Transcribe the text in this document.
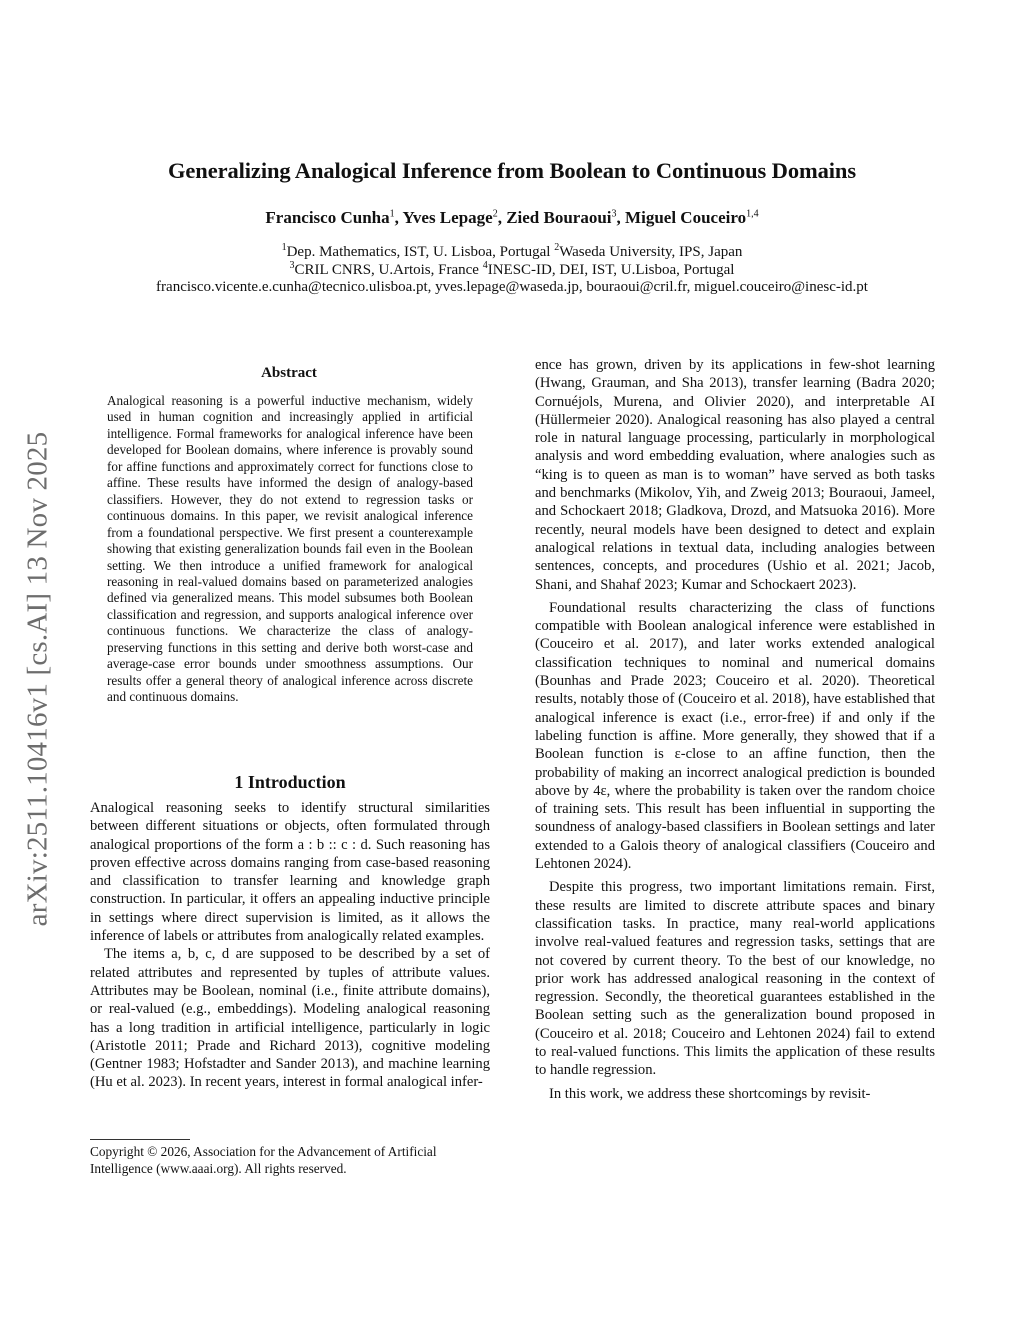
Generalizing Analogical Inference from Boolean to Continuous Domains
Francisco Cunha$^1$, Yves Lepage$^2$, Zied Bouraoui$^3$, Miguel Couceiro$^{1,4}$
$^1$Dep. Mathematics, IST, U. Lisboa, Portugal $^2$Waseda University, IPS, Japan
$^3$CRIL CNRS, U.Artois, France $^4$INESC-ID, DEI, IST, U.Lisboa, Portugal
francisco.vicente.e.cunha@tecnico.ulisboa.pt, yves.lepage@waseda.jp, bouraoui@cril.fr, miguel.couceiro@inesc-id.pt
arXiv:2511.10416v1 [cs.AI] 13 Nov 2025
Abstract
Analogical reasoning is a powerful inductive mechanism, widely used in human cognition and increasingly applied in artificial intelligence. Formal frameworks for analogical inference have been developed for Boolean domains, where inference is provably sound for affine functions and approximately correct for functions close to affine. These results have informed the design of analogy-based classifiers. However, they do not extend to regression tasks or continuous domains. In this paper, we revisit analogical inference from a foundational perspective. We first present a counterexample showing that existing generalization bounds fail even in the Boolean setting. We then introduce a unified framework for analogical reasoning in real-valued domains based on parameterized analogies defined via generalized means. This model subsumes both Boolean classification and regression, and supports analogical inference over continuous functions. We characterize the class of analogy-preserving functions in this setting and derive both worst-case and average-case error bounds under smoothness assumptions. Our results offer a general theory of analogical inference across discrete and continuous domains.
1 Introduction

Analogical reasoning seeks to identify structural similarities between different situations or objects, often formulated through analogical proportions of the form a : b :: c : d. Such reasoning has proven effective across domains ranging from case-based reasoning and classification to transfer learning and knowledge graph construction. In particular, it offers an appealing inductive principle in settings where direct supervision is limited, as it allows the inference of labels or attributes from analogically related examples.

The items a, b, c, d are supposed to be described by a set of related attributes and represented by tuples of attribute values. Attributes may be Boolean, nominal (i.e., finite attribute domains), or real-valued (e.g., embeddings). Modeling analogical reasoning has a long tradition in artificial intelligence, particularly in logic (Aristotle 2011; Prade and Richard 2013), cognitive modeling (Gentner 1983; Hofstadter and Sander 2013), and machine learning (Hu et al. 2023). In recent years, interest in formal analogical infer-

Copyright © 2026, Association for the Advancement of Artificial Intelligence (www.aaai.org). All rights reserved.

ence has grown, driven by its applications in few-shot learning (Hwang, Grauman, and Sha 2013), transfer learning (Badra 2020; Cornuéjols, Murena, and Olivier 2020), and interpretable AI (Hüllermeier 2020). Analogical reasoning has also played a central role in natural language processing, particularly in morphological analysis and word embedding evaluation, where analogies such as “king is to queen as man is to woman” have served as both tasks and benchmarks (Mikolov, Yih, and Zweig 2013; Bouraoui, Jameel, and Schockaert 2018; Gladkova, Drozd, and Matsuoka 2016). More recently, neural models have been designed to detect and explain analogical relations in textual data, including analogies between sentences, concepts, and procedures (Ushio et al. 2021; Jacob, Shani, and Shahaf 2023; Kumar and Schockaert 2023).

Foundational results characterizing the class of functions compatible with Boolean analogical inference were established in (Couceiro et al. 2017), and later works extended analogical classification techniques to nominal and numerical domains (Bounhas and Prade 2023; Couceiro et al. 2020). Theoretical results, notably those of (Couceiro et al. 2018), have established that analogical inference is exact (i.e., error-free) if and only if the labeling function is affine. More generally, they showed that if a Boolean function is ε-close to an affine function, then the probability of making an incorrect analogical prediction is bounded above by 4ε, where the probability is taken over the random choice of training sets. This result has been influential in supporting the soundness of analogy-based classifiers in Boolean settings and later extended to a Galois theory of analogical classifiers (Couceiro and Lehtonen 2024).

Despite this progress, two important limitations remain. First, these results are limited to discrete attribute spaces and binary classification tasks. In practice, many real-world applications involve real-valued features and regression tasks, settings that are not covered by current theory. To the best of our knowledge, no prior work has addressed analogical reasoning in the context of regression. Secondly, the theoretical guarantees established in the Boolean setting such as the generalization bound proposed in (Couceiro et al. 2018; Couceiro and Lehtonen 2024) fail to extend to real-valued functions. This limits the application of these results to handle regression.

In this work, we address these shortcomings by revisit-
